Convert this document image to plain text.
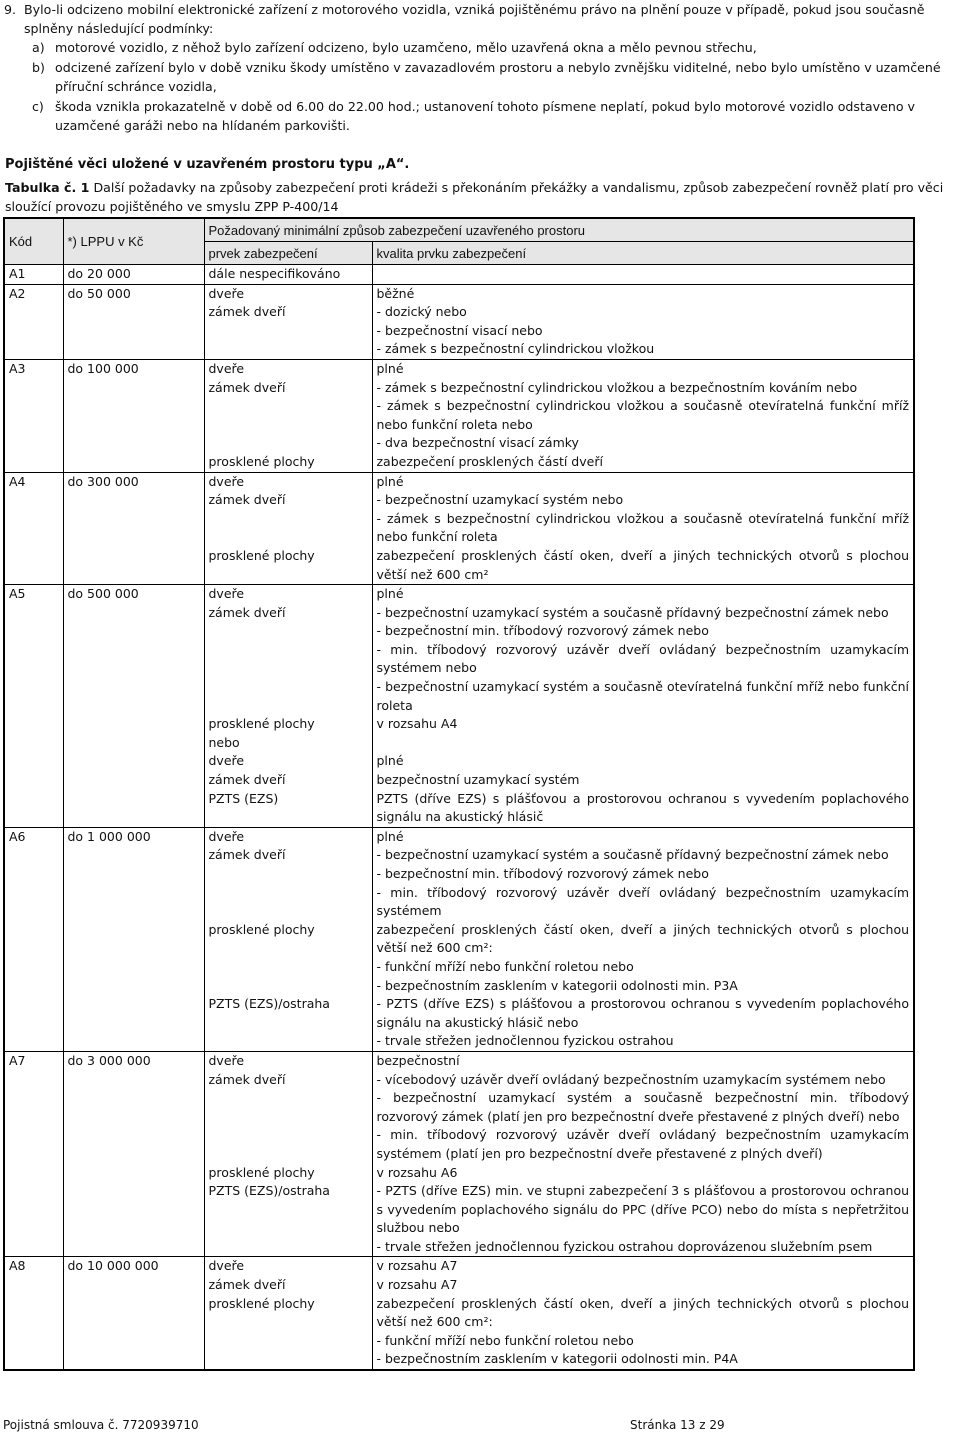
9. Bylo-li odcizeno mobilní elektronické zařízení z motorového vozidla, vzniká pojištěnému právo na plnění pouze v případě, pokud jsou současně splněny následující podmínky:

a) motorové vozidlo, z něhož bylo zařízení odcizeno, bylo uzamčeno, mělo uzavřená okna a mělo pevnou střechu,

b) odcizené zařízení bylo v době vzniku škody umístěno v zavazadlovém prostoru a nebylo zvnějšku viditelné, nebo bylo umístěno v uzamčené příruční schránce vozidla,

c) škoda vznikla prokazatelně v době od 6.00 do 22.00 hod.; ustanovení tohoto písmene neplatí, pokud bylo motorové vozidlo odstaveno v uzamčené garáži nebo na hlídaném parkovišti.

Pojištěné věci uložené v uzavřeném prostoru typu „A“.
Tabulka č. 1 Další požadavky na způsoby zabezpečení proti krádeži s překonáním překážky a vandalismu, způsob zabezpečení rovněž platí pro věci sloužící provozu pojištěného ve smyslu ZPP P-400/14
Kód	*) LPPU v Kč	Požadovaný minimální způsob zabezpečení uzavřeného prostoru	
		prvek zabezpečení	kvalita prvku zabezpečení
A1	do 20 000	dále nespecifikováno	
A2	do 50 000	dveře	běžné

		zámek dveří	- dozický nebo
- bezpečnostní visací nebo
- zámek s bezpečnostní cylindrickou vložkou

A3	do 100 000	dveře	plné

		zámek dveří	- zámek s bezpečnostní cylindrickou vložkou a bezpečnostním kováním nebo
- zámek s bezpečnostní cylindrickou vložkou a současně otevíratelná funkční mříž nebo funkční roleta nebo
- dva bezpečnostní visací zámky

		prosklené plochy	zabezpečení prosklených částí dveří

A4	do 300 000	dveře	plné

		zámek dveří	- bezpečnostní uzamykací systém nebo
- zámek s bezpečnostní cylindrickou vložkou a současně otevíratelná funkční mříž nebo funkční roleta

		prosklené plochy	zabezpečení prosklených částí oken, dveří a jiných technických otvorů s plochou větší než 600 cm²

A5	do 500 000	dveře	plné

		zámek dveří	- bezpečnostní uzamykací systém a současně přídavný bezpečnostní zámek nebo
- bezpečnostní min. tříbodový rozvorový zámek nebo
- min. tříbodový rozvorový uzávěr dveří ovládaný bezpečnostním uzamykacím systémem nebo
- bezpečnostní uzamykací systém a současně otevíratelná funkční mříž nebo funkční roleta

		prosklené plochy	v rozsahu A4

		nebo	
		dveře	plné

		zámek dveří	bezpečnostní uzamykací systém

		PZTS (EZS)	PZTS (dříve EZS) s plášťovou a prostorovou ochranou s vyvedením poplachového signálu na akustický hlásič

A6	do 1 000 000	dveře	plné

		zámek dveří	- bezpečnostní uzamykací systém a současně přídavný bezpečnostní zámek nebo
- bezpečnostní min. tříbodový rozvorový zámek nebo
- min. tříbodový rozvorový uzávěr dveří ovládaný bezpečnostním uzamykacím systémem

		prosklené plochy	zabezpečení prosklených částí oken, dveří a jiných technických otvorů s plochou větší než 600 cm²:
- funkční mříží nebo funkční roletou nebo
- bezpečnostním zasklením v kategorii odolnosti min. P3A

		PZTS (EZS)/ostraha	- PZTS (dříve EZS) s plášťovou a prostorovou ochranou s vyvedením poplachového signálu na akustický hlásič nebo
- trvale střežen jednočlennou fyzickou ostrahou

A7	do 3 000 000	dveře	bezpečnostní

		zámek dveří	- vícebodový uzávěr dveří ovládaný bezpečnostním uzamykacím systémem nebo
- bezpečnostní uzamykací systém a současně bezpečnostní min. tříbodový rozvorový zámek (platí jen pro bezpečnostní dveře přestavené z plných dveří) nebo
- min. tříbodový rozvorový uzávěr dveří ovládaný bezpečnostním uzamykacím systémem (platí jen pro bezpečnostní dveře přestavené z plných dveří)

		prosklené plochy	v rozsahu A6

		PZTS (EZS)/ostraha	- PZTS (dříve EZS) min. ve stupni zabezpečení 3 s plášťovou a prostorovou ochranou s vyvedením poplachového signálu do PPC (dříve PCO) nebo do místa s nepřetržitou službou nebo
- trvale střežen jednočlennou fyzickou ostrahou doprovázenou služebním psem

A8	do 10 000 000	dveře	v rozsahu A7

		zámek dveří	v rozsahu A7

		prosklené plochy	zabezpečení prosklených částí oken, dveří a jiných technických otvorů s plochou větší než 600 cm²:
- funkční mříží nebo funkční roletou nebo
- bezpečnostním zasklením v kategorii odolnosti min. P4A
Pojistná smlouva č. 7720939710	Stránka 13 z 29
